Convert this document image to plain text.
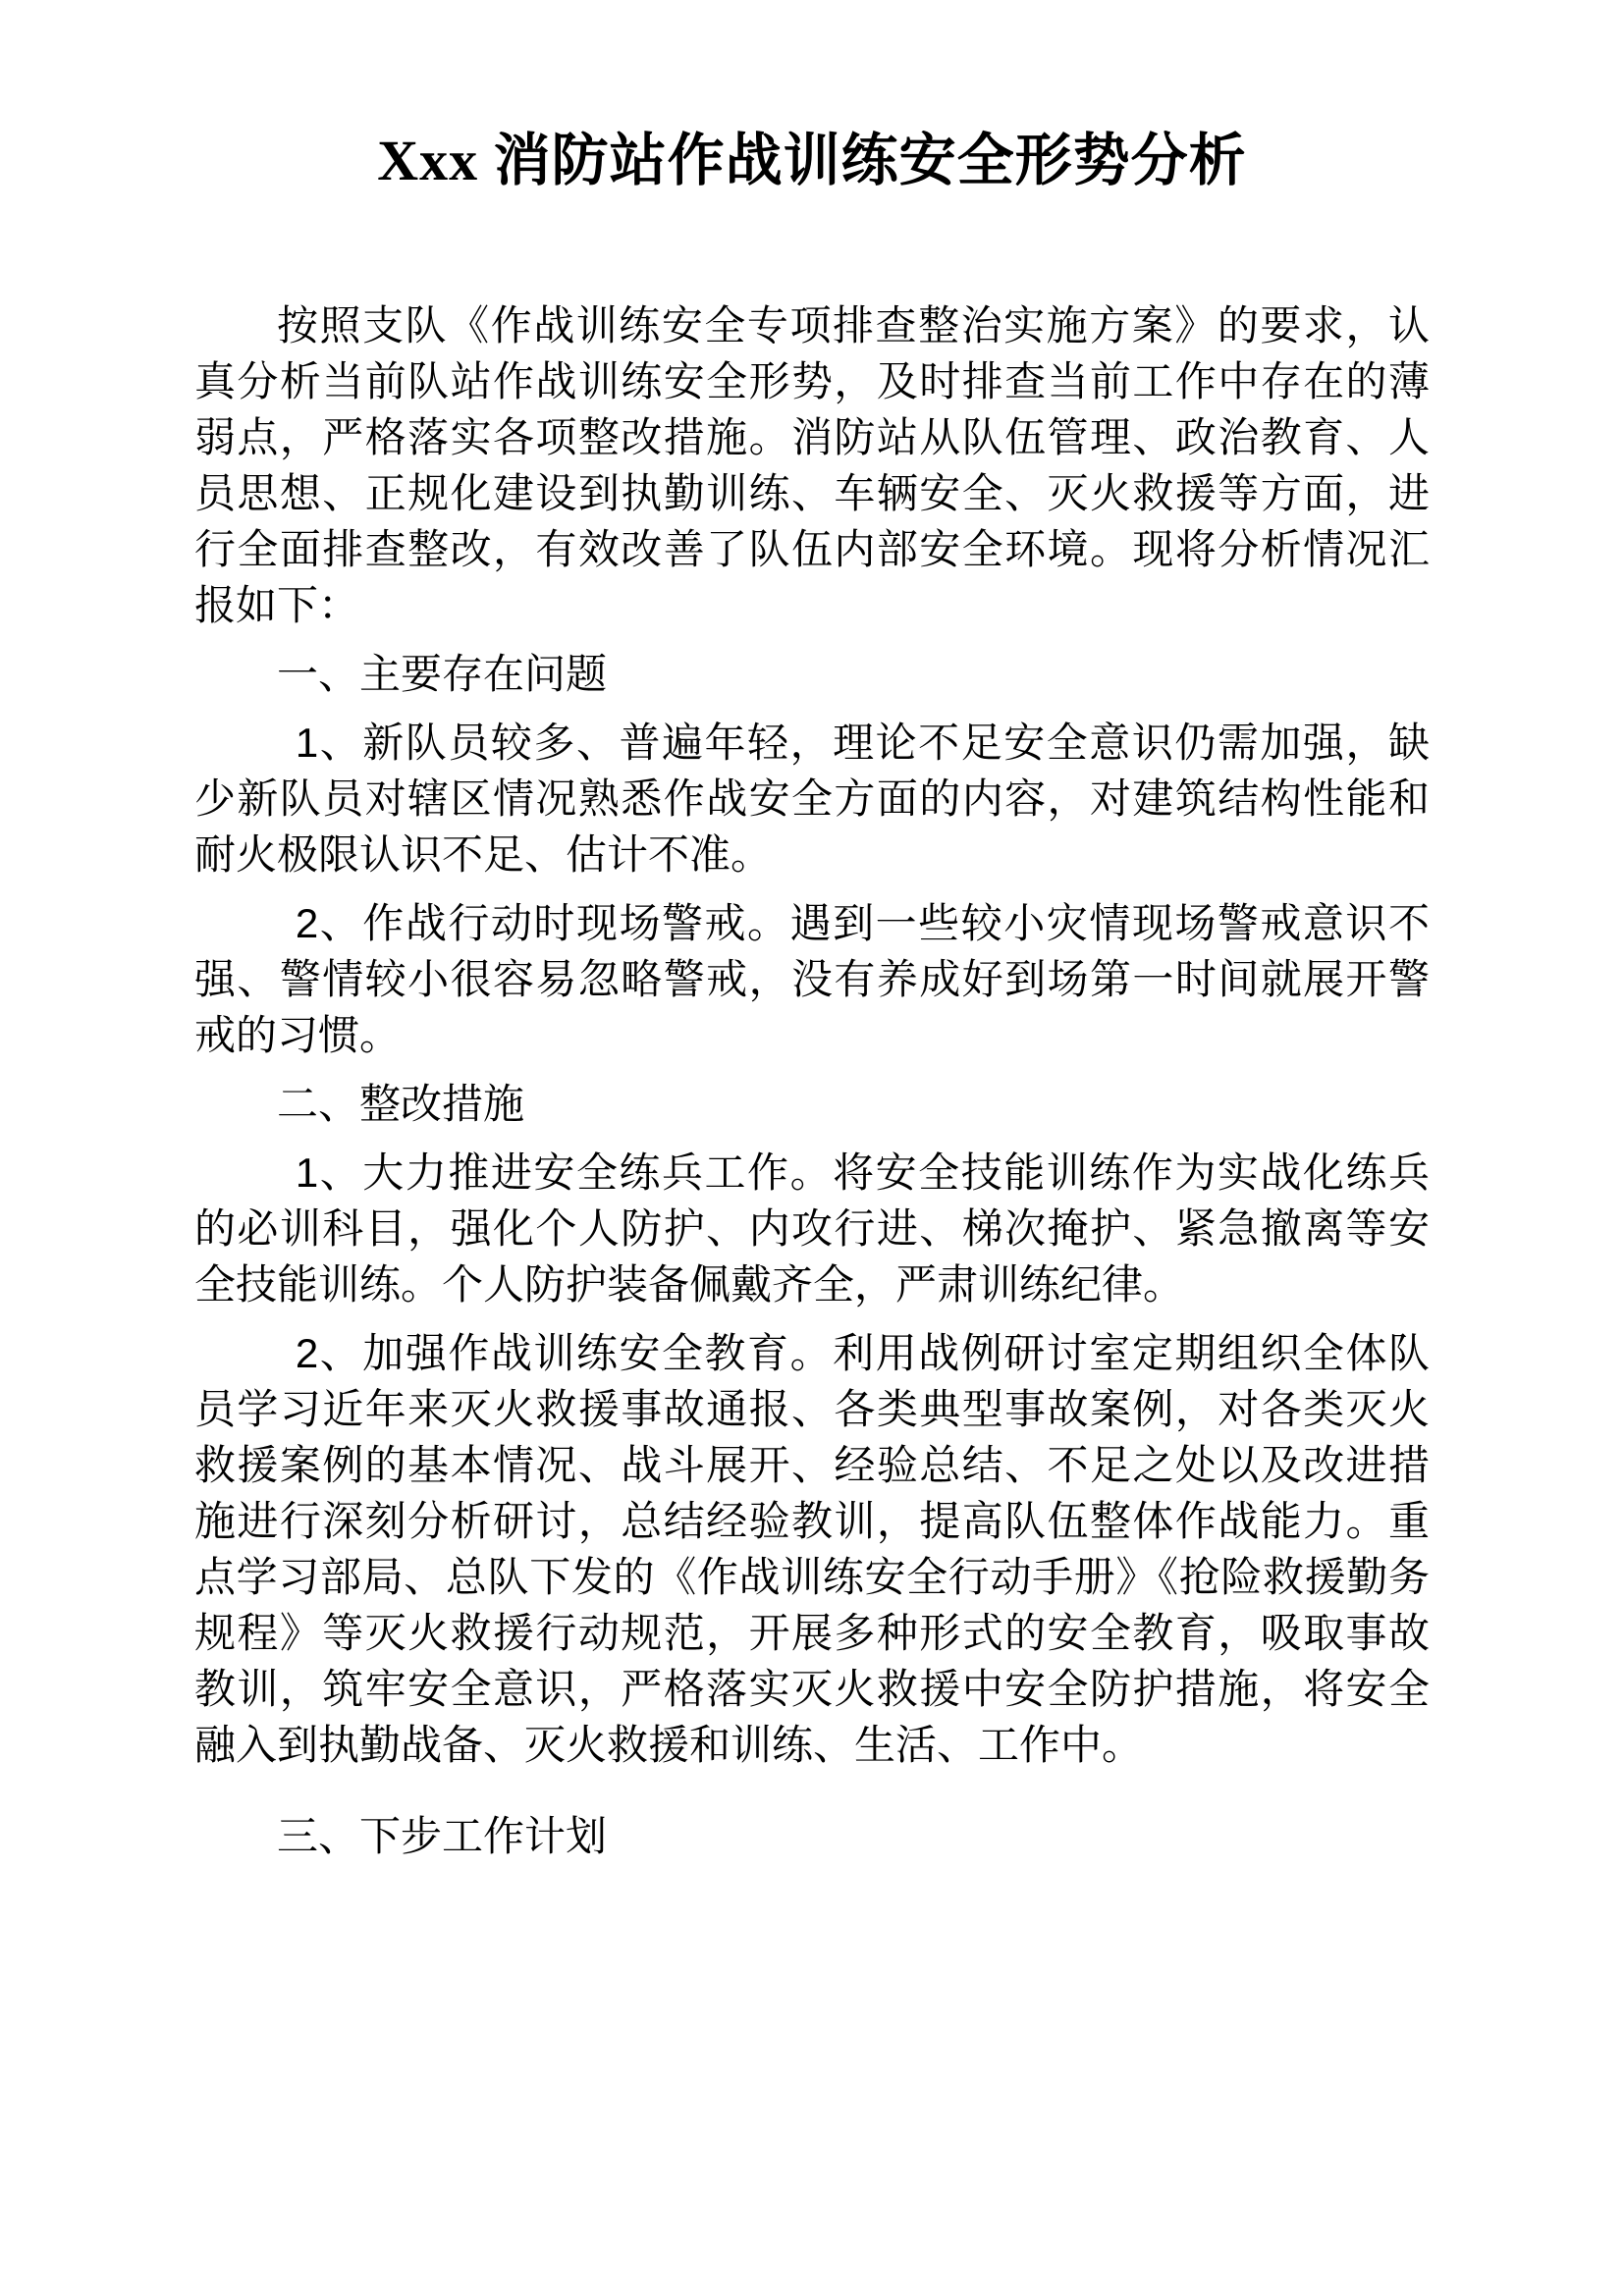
Xxx 消防站作战训练安全形势分析

按照支队《作战训练安全专项排查整治实施方案》的要求，认真分析当前队站作战训练安全形势，及时排查当前工作中存在的薄弱点，严格落实各项整改措施。消防站从队伍管理、政治教育、人员思想、正规化建设到执勤训练、车辆安全、灭火救援等方面，进行全面排查整改，有效改善了队伍内部安全环境。现将分析情况汇报如下：

一、主要存在问题

1、新队员较多、普遍年轻，理论不足安全意识仍需加强，缺少新队员对辖区情况熟悉作战安全方面的内容，对建筑结构性能和耐火极限认识不足、估计不准。

2、作战行动时现场警戒。遇到一些较小灾情现场警戒意识不强、警情较小很容易忽略警戒，没有养成好到场第一时间就展开警戒的习惯。

二、整改措施

1、大力推进安全练兵工作。将安全技能训练作为实战化练兵的必训科目，强化个人防护、内攻行进、梯次掩护、紧急撤离等安全技能训练。个人防护装备佩戴齐全，严肃训练纪律。

2、加强作战训练安全教育。利用战例研讨室定期组织全体队员学习近年来灭火救援事故通报、各类典型事故案例，对各类灭火救援案例的基本情况、战斗展开、经验总结、不足之处以及改进措施进行深刻分析研讨，总结经验教训，提高队伍整体作战能力。重点学习部局、总队下发的《作战训练安全行动手册》《抢险救援勤务规程》等灭火救援行动规范，开展多种形式的安全教育，吸取事故教训，筑牢安全意识，严格落实灭火救援中安全防护措施，将安全融入到执勤战备、灭火救援和训练、生活、工作中。

三、下步工作计划
